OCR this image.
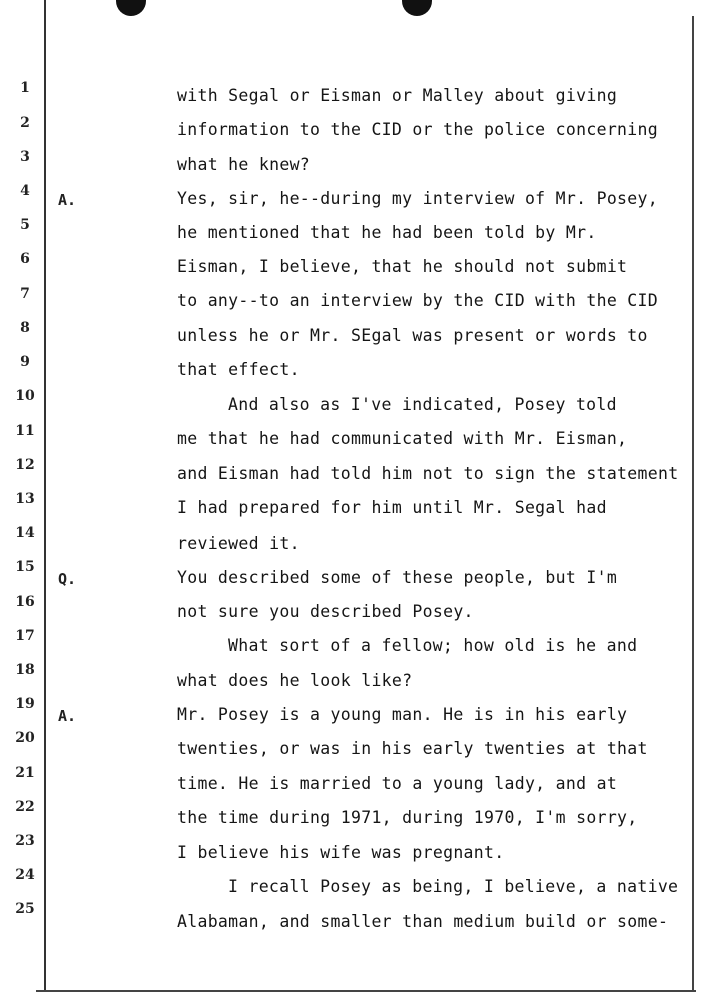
1
2
3
4
5
6
7
8
9
10
11
12
13
14
15
16
17
18
19
20
21
22
23
24
25
A.
Q.
A.
with Segal or Eisman or Malley about giving
information to the CID or the police concerning
what he knew?
Yes, sir, he--during my interview of Mr. Posey,
he mentioned that he had been told by Mr.
Eisman, I believe, that he should not submit
to any--to an interview by the CID with the CID
unless he or Mr. SEgal was present or words to
that effect.
And also as I've indicated, Posey told
me that he had communicated with Mr. Eisman,
and Eisman had told him not to sign the statement
I had prepared for him until Mr. Segal had
reviewed it.
You described some of these people, but I'm
not sure you described Posey.
What sort of a fellow; how old is he and
what does he look like?
Mr. Posey is a young man. He is in his early
twenties, or was in his early twenties at that
time. He is married to a young lady, and at
the time during 1971, during 1970, I'm sorry,
I believe his wife was pregnant.
I recall Posey as being, I believe, a native
Alabaman, and smaller than medium build or some-
